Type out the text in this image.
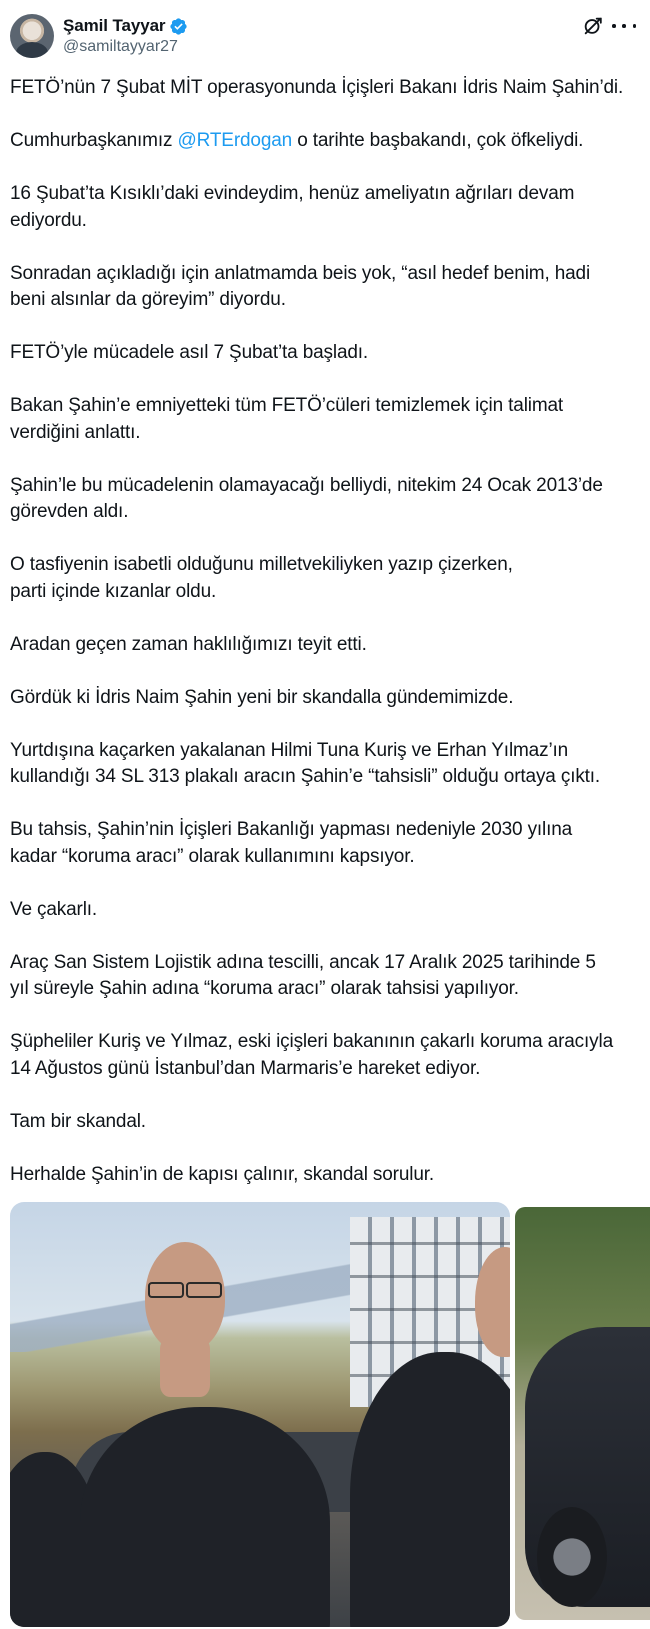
Şamil Tayyar
@samiltayyar27

FETÖ’nün 7 Şubat MİT operasyonunda İçişleri Bakanı İdris Naim Şahin’di.

Cumhurbaşkanımız @RTErdogan o tarihte başbakandı, çok öfkeliydi.

16 Şubat’ta Kısıklı’daki evindeydim, henüz ameliyatın ağrıları devam
ediyordu.

Sonradan açıkladığı için anlatmamda beis yok, “asıl hedef benim, hadi
beni alsınlar da göreyim” diyordu.

FETÖ’yle mücadele asıl 7 Şubat’ta başladı.

Bakan Şahin’e emniyetteki tüm FETÖ’cüleri temizlemek için talimat
verdiğini anlattı.

Şahin’le bu mücadelenin olamayacağı belliydi, nitekim 24 Ocak 2013’de
görevden aldı.

O tasfiyenin isabetli olduğunu milletvekiliyken yazıp çizerken,
parti içinde kızanlar oldu.

Aradan geçen zaman haklılığımızı teyit etti.

Gördük ki İdris Naim Şahin yeni bir skandalla gündemimizde.

Yurtdışına kaçarken yakalanan Hilmi Tuna Kuriş ve Erhan Yılmaz’ın
kullandığı 34 SL 313 plakalı aracın Şahin’e “tahsisli” olduğu ortaya çıktı.

Bu tahsis, Şahin’nin İçişleri Bakanlığı yapması nedeniyle 2030 yılına
kadar “koruma aracı” olarak kullanımını kapsıyor.

Ve çakarlı.

Araç San Sistem Lojistik adına tescilli, ancak 17 Aralık 2025 tarihinde 5
yıl süreyle Şahin adına “koruma aracı” olarak tahsisi yapılıyor.

Şüpheliler Kuriş ve Yılmaz, eski içişleri bakanının çakarlı koruma aracıyla
14 Ağustos günü İstanbul’dan Marmaris’e hareket ediyor.

Tam bir skandal.

Herhalde Şahin’in de kapısı çalınır, skandal sorulur.
